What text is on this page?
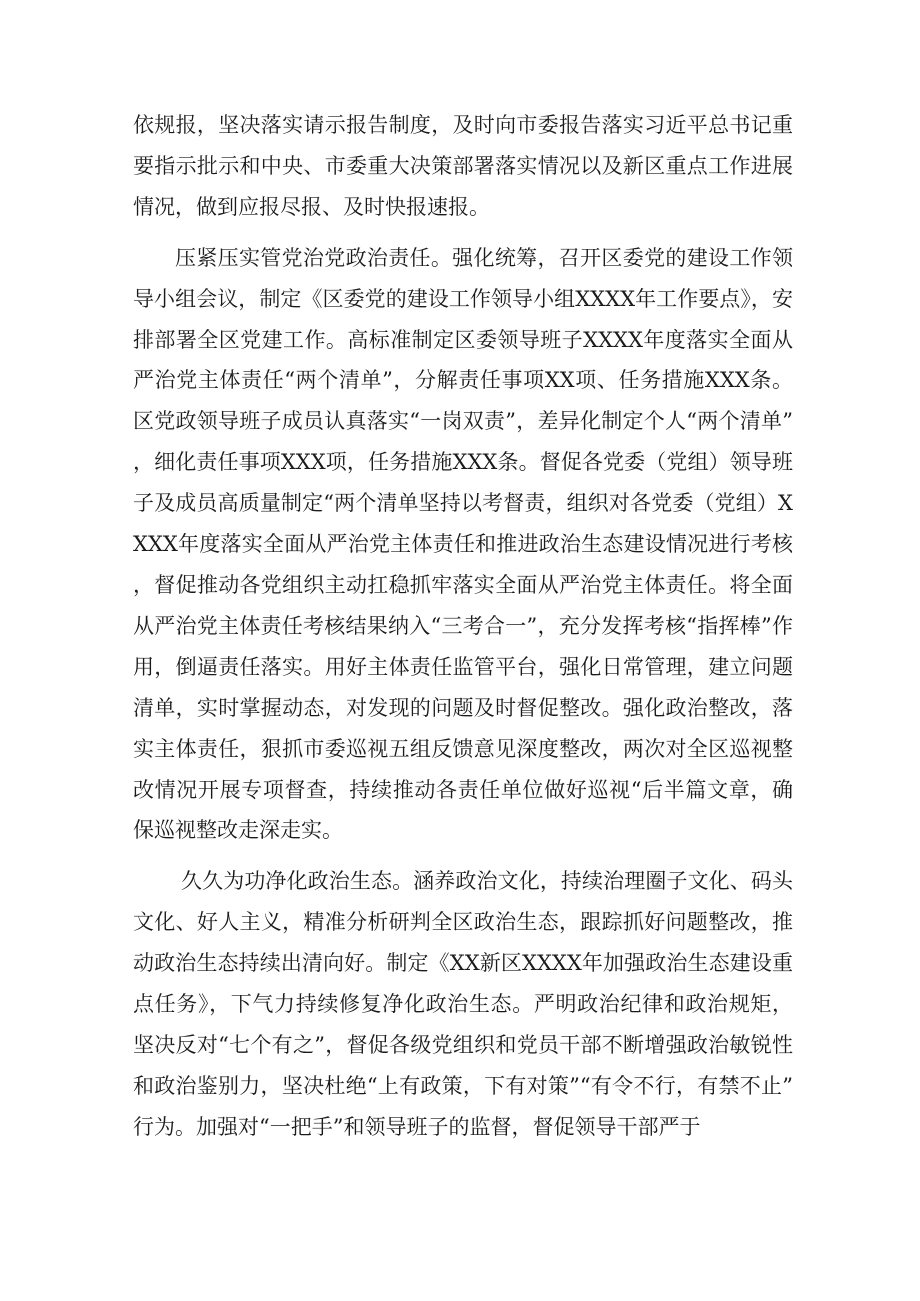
依规报，坚决落实请示报告制度，及时向市委报告落实习近平总书记重要指示批示和中央、市委重大决策部署落实情况以及新区重点工作进展情况，做到应报尽报、及时快报速报。

压紧压实管党治党政治责任。强化统筹，召开区委党的建设工作领导小组会议，制定《区委党的建设工作领导小组XXXX年工作要点》，安排部署全区党建工作。高标准制定区委领导班子XXXX年度落实全面从严治党主体责任“两个清单”，分解责任事项XX项、任务措施XXX条。区党政领导班子成员认真落实“一岗双责”，差异化制定个人“两个清单”，细化责任事项XXX项，任务措施XXX条。督促各党委（党组）领导班子及成员高质量制定“两个清单坚持以考督责，组织对各党委（党组）XXXX年度落实全面从严治党主体责任和推进政治生态建设情况进行考核，督促推动各党组织主动扛稳抓牢落实全面从严治党主体责任。将全面从严治党主体责任考核结果纳入“三考合一”，充分发挥考核“指挥棒”作用，倒逼责任落实。用好主体责任监管平台，强化日常管理，建立问题清单，实时掌握动态，对发现的问题及时督促整改。强化政治整改，落实主体责任，狠抓市委巡视五组反馈意见深度整改，两次对全区巡视整改情况开展专项督查，持续推动各责任单位做好巡视“后半篇文章，确保巡视整改走深走实。

久久为功净化政治生态。涵养政治文化，持续治理圈子文化、码头文化、好人主义，精准分析研判全区政治生态，跟踪抓好问题整改，推动政治生态持续出清向好。制定《XX新区XXXX年加强政治生态建设重点任务》，下气力持续修复净化政治生态。严明政治纪律和政治规矩，坚决反对“七个有之”，督促各级党组织和党员干部不断增强政治敏锐性和政治鉴别力，坚决杜绝“上有政策，下有对策”“有令不行，有禁不止”行为。加强对“一把手”和领导班子的监督，督促领导干部严于
